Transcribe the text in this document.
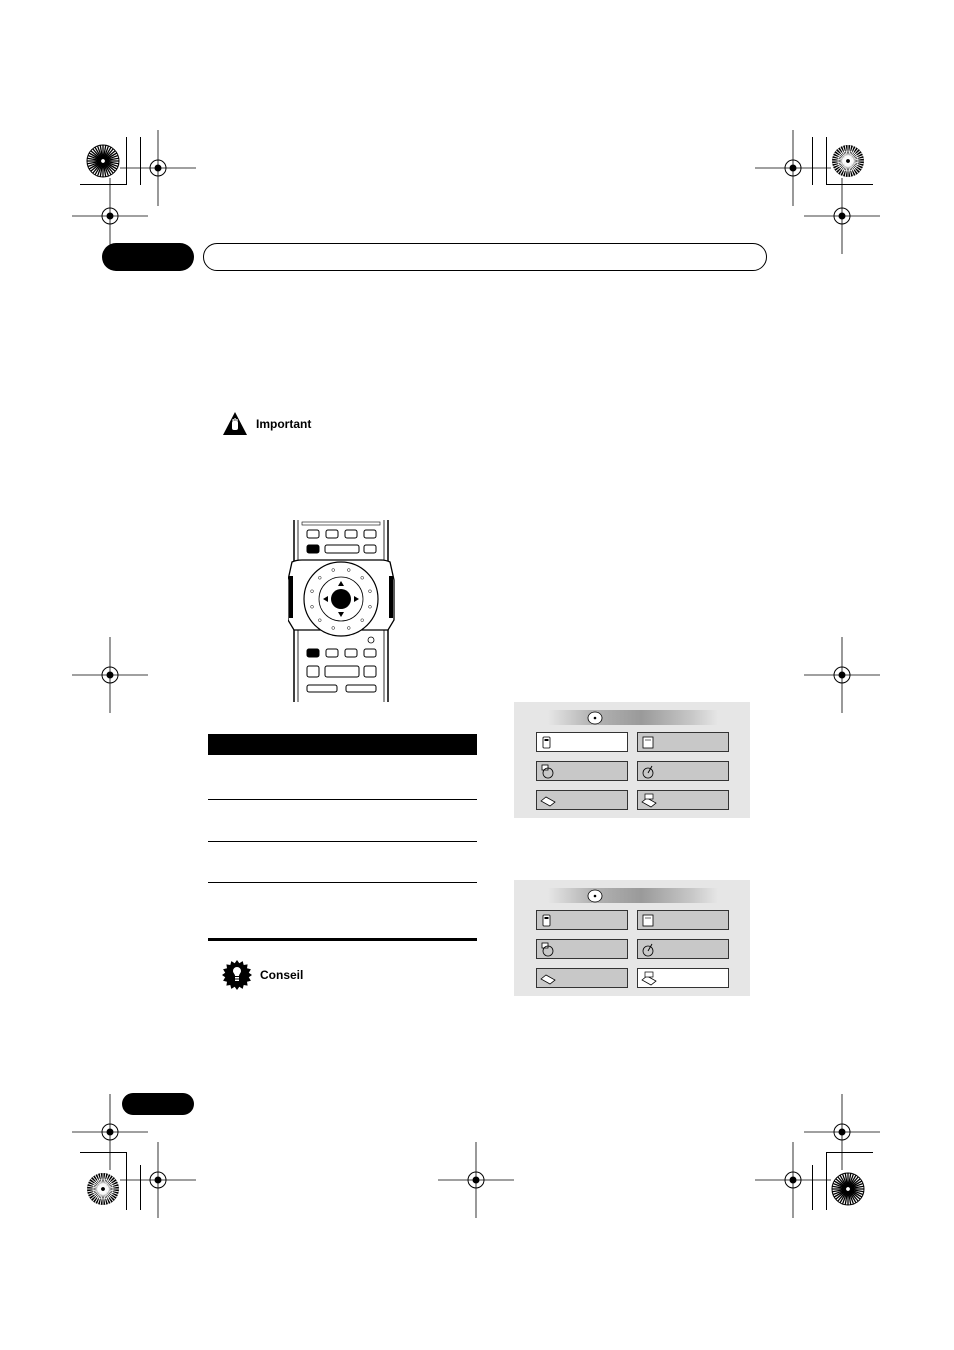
Important
Conseil
